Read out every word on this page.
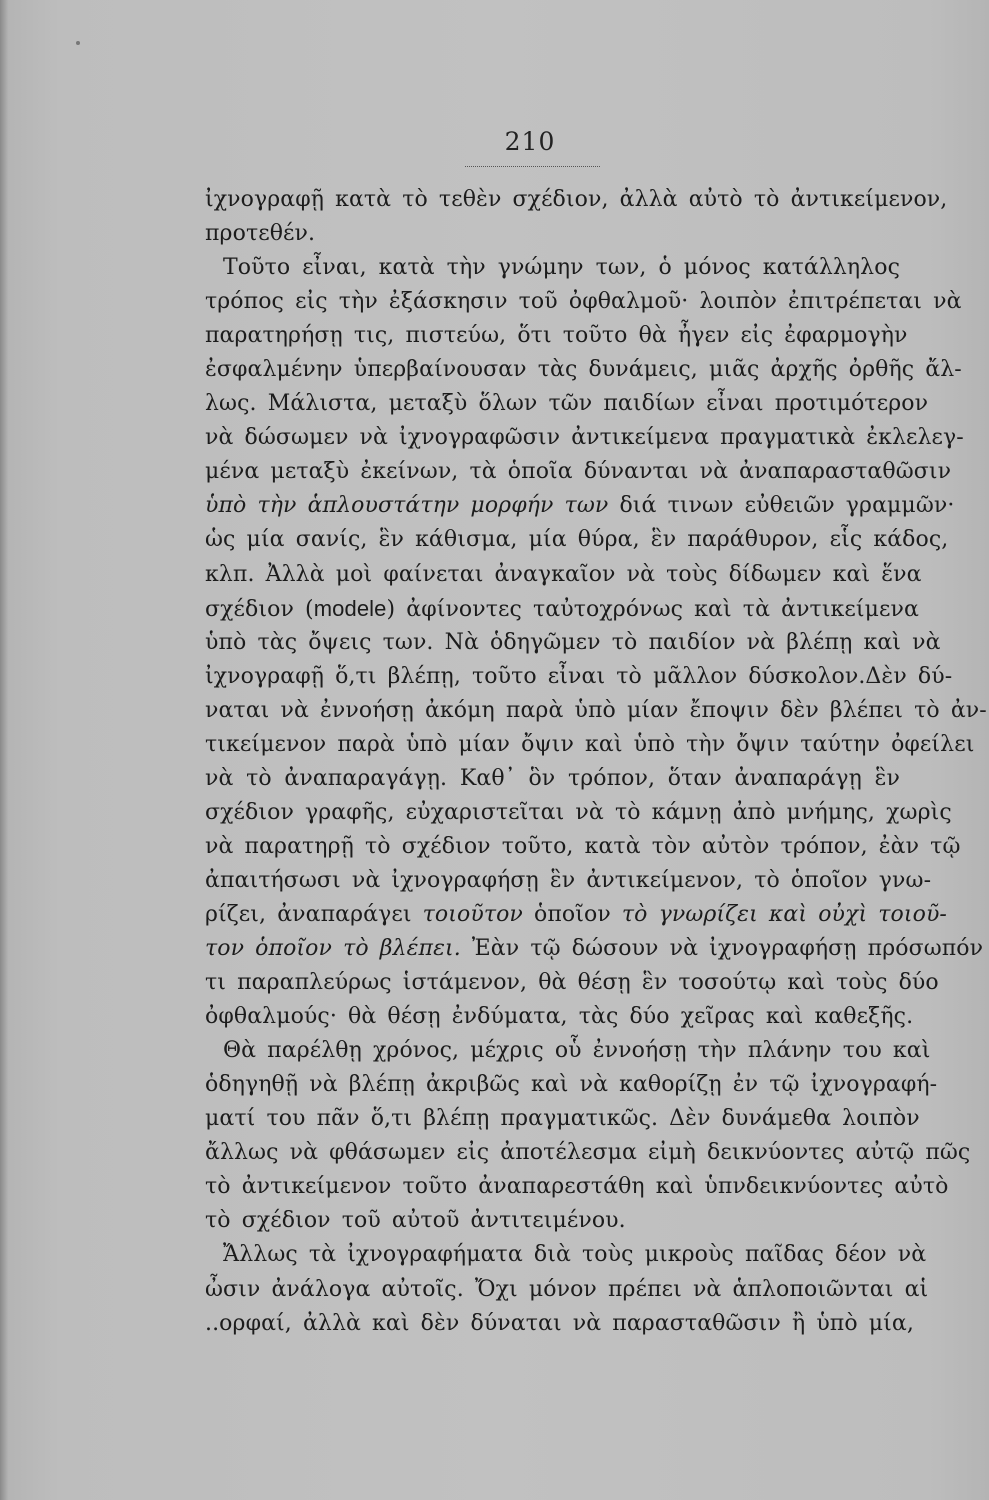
210
ἰχνογραφῇ κατὰ τὸ τεθὲν σχέδιον, ἀλλὰ αὐτὸ τὸ ἀντικείμενον,
προτεθέν.
Τοῦτο εἶναι, κατὰ τὴν γνώμην των, ὁ μόνος κατάλληλος
τρόπος εἰς τὴν ἐξάσκησιν τοῦ ὀφθαλμοῦ· λοιπὸν ἐπιτρέπεται νὰ
παρατηρήσῃ τις, πιστεύω, ὅτι τοῦτο θὰ ἦγεν εἰς ἐφαρμογὴν
ἐσφαλμένην ὑπερβαίνουσαν τὰς δυνάμεις, μιᾶς ἀρχῆς ὀρθῆς ἄλ-
λως. Μάλιστα, μεταξὺ ὅλων τῶν παιδίων εἶναι προτιμότερον
νὰ δώσωμεν νὰ ἰχνογραφῶσιν ἀντικείμενα πραγματικὰ ἐκλελεγ-
μένα μεταξὺ ἐκείνων, τὰ ὁποῖα δύνανται νὰ ἀναπαρασταθῶσιν
ὑπὸ τὴν ἁπλουστάτην μορφήν των διά τινων εὐθειῶν γραμμῶν·
ὡς μία σανίς, ἓν κάθισμα, μία θύρα, ἓν παράθυρον, εἷς κάδος,
κλπ. Ἀλλὰ μοὶ φαίνεται ἀναγκαῖον νὰ τοὺς δίδωμεν καὶ ἕνα
σχέδιον (modele) ἀφίνοντες ταὐτοχρόνως καὶ τὰ ἀντικείμενα
ὑπὸ τὰς ὄψεις των. Νὰ ὁδηγῶμεν τὸ παιδίον νὰ βλέπῃ καὶ νὰ
ἰχνογραφῇ ὅ,τι βλέπῃ, τοῦτο εἶναι τὸ μᾶλλον δύσκολον.Δὲν δύ-
ναται νὰ ἐννοήσῃ ἀκόμη παρὰ ὑπὸ μίαν ἔποψιν δὲν βλέπει τὸ ἀν-
τικείμενον παρὰ ὑπὸ μίαν ὄψιν καὶ ὑπὸ τὴν ὄψιν ταύτην ὀφείλει
νὰ τὸ ἀναπαραγάγῃ. Καθ᾽ ὃν τρόπον, ὅταν ἀναπαράγῃ ἓν
σχέδιον γραφῆς, εὐχαριστεῖται νὰ τὸ κάμνῃ ἀπὸ μνήμης, χωρὶς
νὰ παρατηρῇ τὸ σχέδιον τοῦτο, κατὰ τὸν αὐτὸν τρόπον, ἐὰν τῷ
ἀπαιτήσωσι νὰ ἰχνογραφήσῃ ἓν ἀντικείμενον, τὸ ὁποῖον γνω-
ρίζει, ἀναπαράγει τοιοῦτον ὁποῖον τὸ γνωρίζει καὶ οὐχὶ τοιοῦ-
τον ὁποῖον τὸ βλέπει. Ἐὰν τῷ δώσουν νὰ ἰχνογραφήσῃ πρόσωπόν
τι παραπλεύρως ἱστάμενον, θὰ θέσῃ ἓν τοσούτῳ καὶ τοὺς δύο
ὀφθαλμούς· θὰ θέσῃ ἐνδύματα, τὰς δύο χεῖρας καὶ καθεξῆς.
Θὰ παρέλθῃ χρόνος, μέχρις οὗ ἐννοήσῃ τὴν πλάνην του καὶ
ὁδηγηθῇ νὰ βλέπῃ ἀκριβῶς καὶ νὰ καθορίζῃ ἐν τῷ ἰχνογραφή-
ματί του πᾶν ὅ,τι βλέπῃ πραγματικῶς. Δὲν δυνάμεθα λοιπὸν
ἄλλως νὰ φθάσωμεν εἰς ἀποτέλεσμα εἰμὴ δεικνύοντες αὐτῷ πῶς
τὸ ἀντικείμενον τοῦτο ἀναπαρεστάθη καὶ ὑπνδεικνύοντες αὐτὸ
τὸ σχέδιον τοῦ αὐτοῦ ἀντιτειμένου.
Ἄλλως τὰ ἰχνογραφήματα διὰ τοὺς μικροὺς παῖδας δέον νὰ
ὦσιν ἀνάλογα αὐτοῖς. Ὄχι μόνον πρέπει νὰ ἁπλοποιῶνται αἱ
..ορφαί, ἀλλὰ καὶ δὲν δύναται νὰ παρασταθῶσιν ἢ ὑπὸ μία,
